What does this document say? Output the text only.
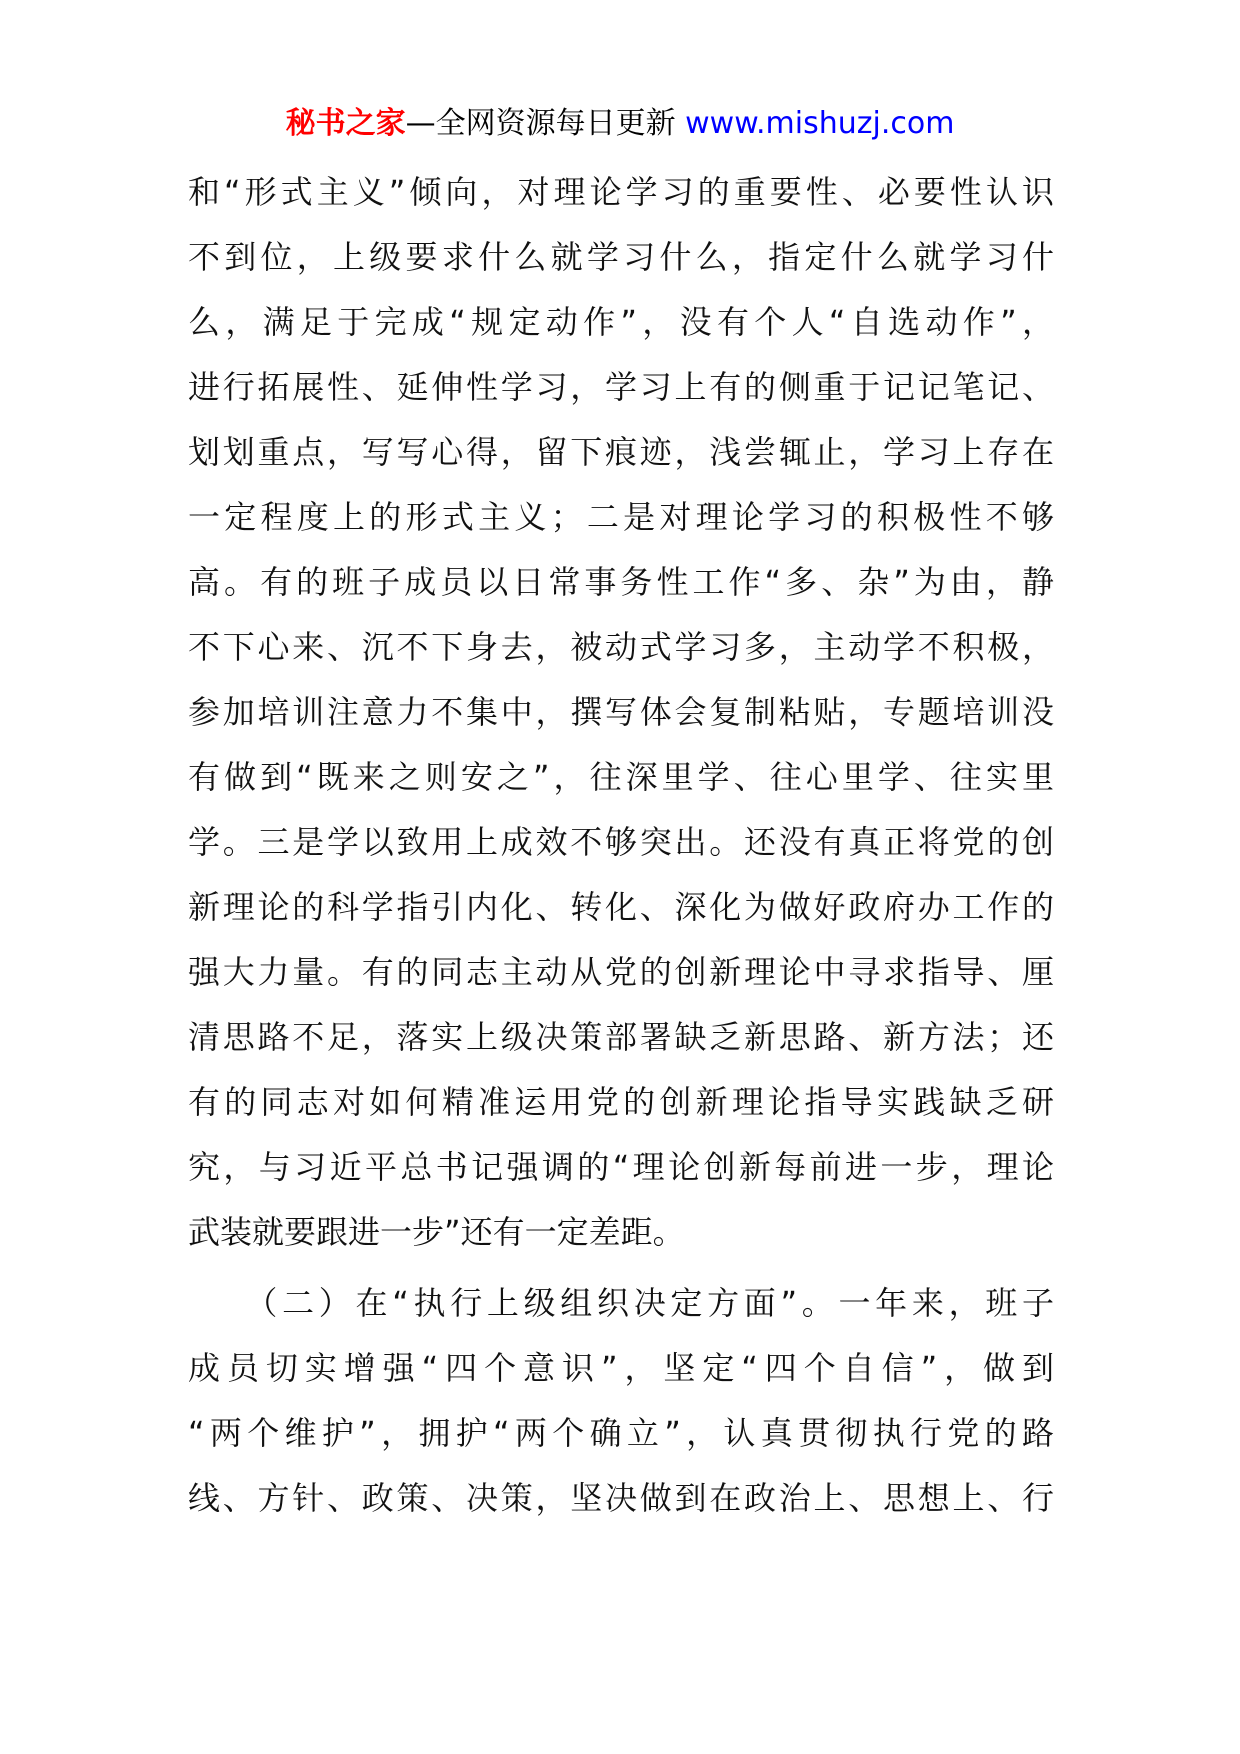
秘书之家—全网资源每日更新 www.mishuzj.com
和“形式主义”倾向，对理论学习的重要性、必要性认识
不到位，上级要求什么就学习什么，指定什么就学习什
么，满足于完成“规定动作”，没有个人“自选动作”，
进行拓展性、延伸性学习，学习上有的侧重于记记笔记、
划划重点，写写心得，留下痕迹，浅尝辄止，学习上存在
一定程度上的形式主义；二是对理论学习的积极性不够
高。有的班子成员以日常事务性工作“多、杂”为由，静
不下心来、沉不下身去，被动式学习多，主动学不积极，
参加培训注意力不集中，撰写体会复制粘贴，专题培训没
有做到“既来之则安之”，往深里学、往心里学、往实里
学。三是学以致用上成效不够突出。还没有真正将党的创
新理论的科学指引内化、转化、深化为做好政府办工作的
强大力量。有的同志主动从党的创新理论中寻求指导、厘
清思路不足，落实上级决策部署缺乏新思路、新方法；还
有的同志对如何精准运用党的创新理论指导实践缺乏研
究，与习近平总书记强调的“理论创新每前进一步，理论
武装就要跟进一步”还有一定差距。
　　（二）在“执行上级组织决定方面”。一年来，班子
成员切实增强“四个意识”，坚定“四个自信”，做到
“两个维护”，拥护“两个确立”，认真贯彻执行党的路
线、方针、政策、决策，坚决做到在政治上、思想上、行
